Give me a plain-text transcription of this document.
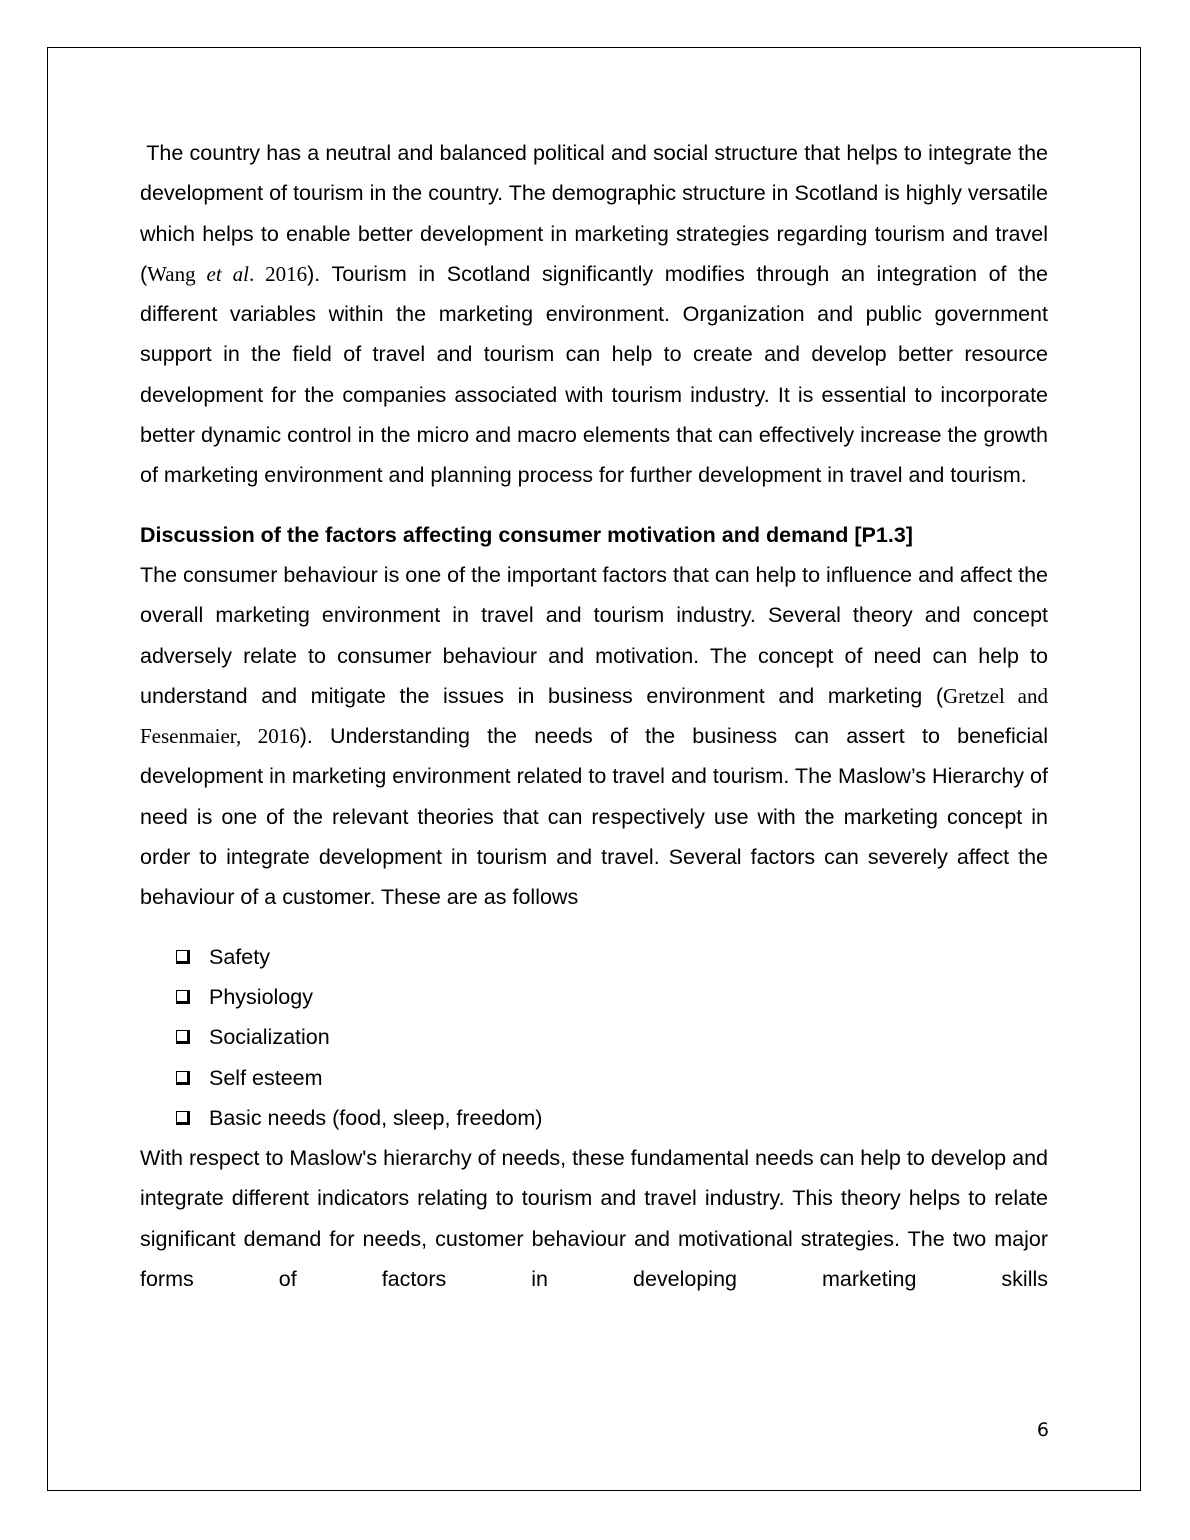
The country has a neutral and balanced political and social structure that helps to integrate the development of tourism in the country. The demographic structure in Scotland is highly versatile which helps to enable better development in marketing strategies regarding tourism and travel (Wang et al. 2016). Tourism in Scotland significantly modifies through an integration of the different variables within the marketing environment. Organization and public government support in the field of travel and tourism can help to create and develop better resource development for the companies associated with tourism industry. It is essential to incorporate better dynamic control in the micro and macro elements that can effectively increase the growth of marketing environment and planning process for further development in travel and tourism.

Discussion of the factors affecting consumer motivation and demand [P1.3]

The consumer behaviour is one of the important factors that can help to influence and affect the overall marketing environment in travel and tourism industry. Several theory and concept adversely relate to consumer behaviour and motivation. The concept of need can help to understand and mitigate the issues in business environment and marketing (Gretzel and Fesenmaier, 2016). Understanding the needs of the business can assert to beneficial development in marketing environment related to travel and tourism. The Maslow’s Hierarchy of need is one of the relevant theories that can respectively use with the marketing concept in order to integrate development in tourism and travel. Several factors can severely affect the behaviour of a customer. These are as follows

Safety
Physiology
Socialization
Self esteem
Basic needs (food, sleep, freedom)

With respect to Maslow's hierarchy of needs, these fundamental needs can help to develop and integrate different indicators relating to tourism and travel industry. This theory helps to relate significant demand for needs, customer behaviour and motivational strategies. The two major forms of factors in developing marketing skills

6
